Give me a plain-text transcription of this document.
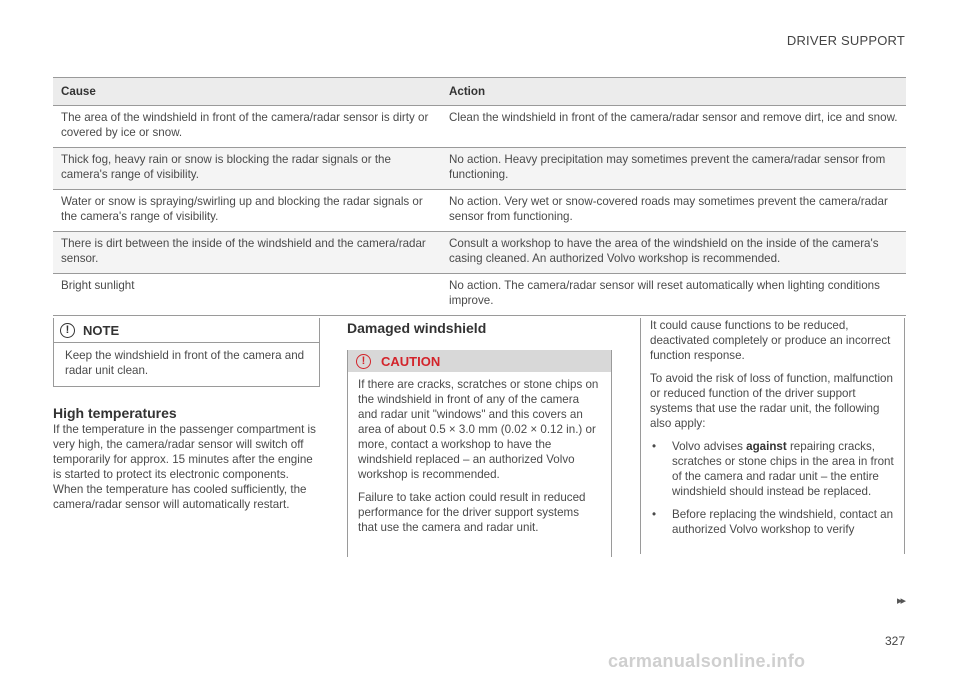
DRIVER SUPPORT
Cause	Action
The area of the windshield in front of the camera/radar sensor is dirty or covered by ice or snow.	Clean the windshield in front of the camera/radar sensor and remove dirt, ice and snow.
Thick fog, heavy rain or snow is blocking the radar signals or the camera's range of visibility.	No action. Heavy precipitation may sometimes prevent the camera/radar sensor from functioning.
Water or snow is spraying/swirling up and blocking the radar signals or the camera's range of visibility.	No action. Very wet or snow-covered roads may sometimes prevent the camera/radar sensor from functioning.
There is dirt between the inside of the windshield and the camera/radar sensor.	Consult a workshop to have the area of the windshield on the inside of the camera's casing cleaned. An authorized Volvo workshop is recommended.
Bright sunlight	No action. The camera/radar sensor will reset automatically when lighting conditions improve.
!	NOTE
Keep the windshield in front of the camera and radar unit clean.
High temperatures

If the temperature in the passenger compartment is very high, the camera/radar sensor will switch off temporarily for approx. 15 minutes after the engine is started to protect its electronic components. When the temperature has cooled sufficiently, the camera/radar sensor will automatically restart.

Damaged windshield
!	CAUTION

If there are cracks, scratches or stone chips on the windshield in front of any of the camera and radar unit "windows" and this covers an area of about 0.5 × 3.0 mm (0.02 × 0.12 in.) or more, contact a workshop to have the windshield replaced – an authorized Volvo workshop is recommended.

Failure to take action could result in reduced performance for the driver support systems that use the camera and radar unit.

It could cause functions to be reduced, deactivated completely or produce an incorrect function response.

To avoid the risk of loss of function, malfunction or reduced function of the driver support systems that use the radar unit, the following also apply:

•	Volvo advises against repairing cracks, scratches or stone chips in the area in front of the camera and radar unit – the entire windshield should instead be replaced.
•	Before replacing the windshield, contact an authorized Volvo workshop to verify
▸▸
327
carmanualsonline.info
